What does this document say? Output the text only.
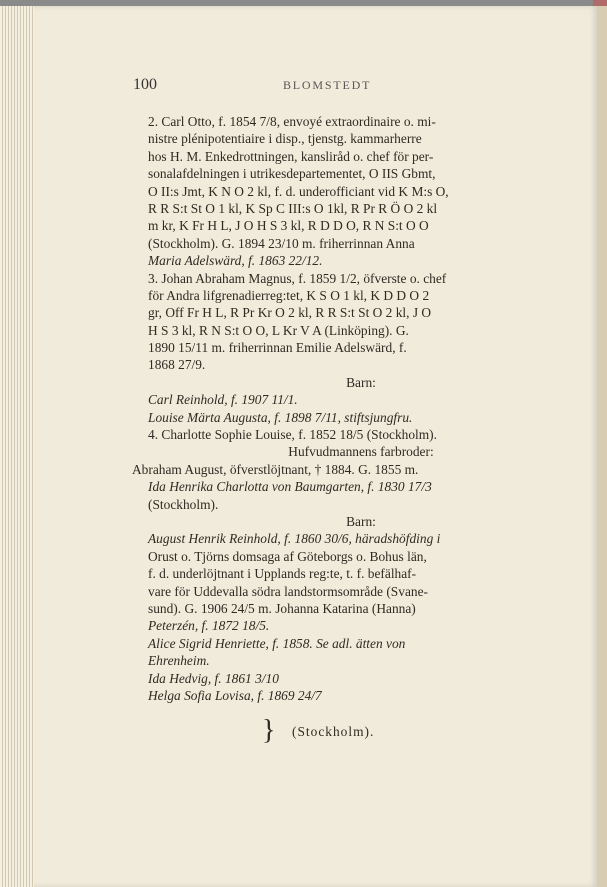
100	BLOMSTEDT
2. Carl Otto, f. 1854 7/8, envoyé extraordinaire o. mi-
nistre plénipotentiaire i disp., tjenstg. kammarherre
hos H. M. Enkedrottningen, kansliråd o. chef för per-
sonalafdelningen i utrikesdepartementet, O IIS Gbmt,
O II:s Jmt, K N O 2 kl, f. d. underofficiant vid K M:s O,
R R S:t St O 1 kl, K Sp C III:s O 1kl, R Pr R Ö O 2 kl
m kr, K Fr H L, J O H S 3 kl, R D D O, R N S:t O O
(Stockholm). G. 1894 23/10 m. friherrinnan Anna
Maria Adelswärd, f. 1863 22/12.
3. Johan Abraham Magnus, f. 1859 1/2, öfverste o. chef
för Andra lifgrenadierreg:tet, K S O 1 kl, K D D O 2
gr, Off Fr H L, R Pr Kr O 2 kl, R R S:t St O 2 kl, J O
H S 3 kl, R N S:t O O, L Kr V A (Linköping). G.
1890 15/11 m. friherrinnan Emilie Adelswärd, f.
1868 27/9.
Barn:
Carl Reinhold, f. 1907 11/1.
Louise Märta Augusta, f. 1898 7/11, stiftsjungfru.
4. Charlotte Sophie Louise, f. 1852 18/5 (Stockholm).
Hufvudmannens farbroder:
Abraham August, öfverstlöjtnant, † 1884. G. 1855 m.
Ida Henrika Charlotta von Baumgarten, f. 1830 17/3
(Stockholm).
Barn:
August Henrik Reinhold, f. 1860 30/6, häradshöfding i
Orust o. Tjörns domsaga af Göteborgs o. Bohus län,
f. d. underlöjtnant i Upplands reg:te, t. f. befälhaf-
vare för Uddevalla södra landstormsområde (Svane-
sund). G. 1906 24/5 m. Johanna Katarina (Hanna)
Peterzén, f. 1872 18/5.
Alice Sigrid Henriette, f. 1858. Se adl. ätten von
Ehrenheim.
Ida Hedvig, f. 1861 3/10
Helga Sofia Lovisa, f. 1869 24/7
} (Stockholm).
